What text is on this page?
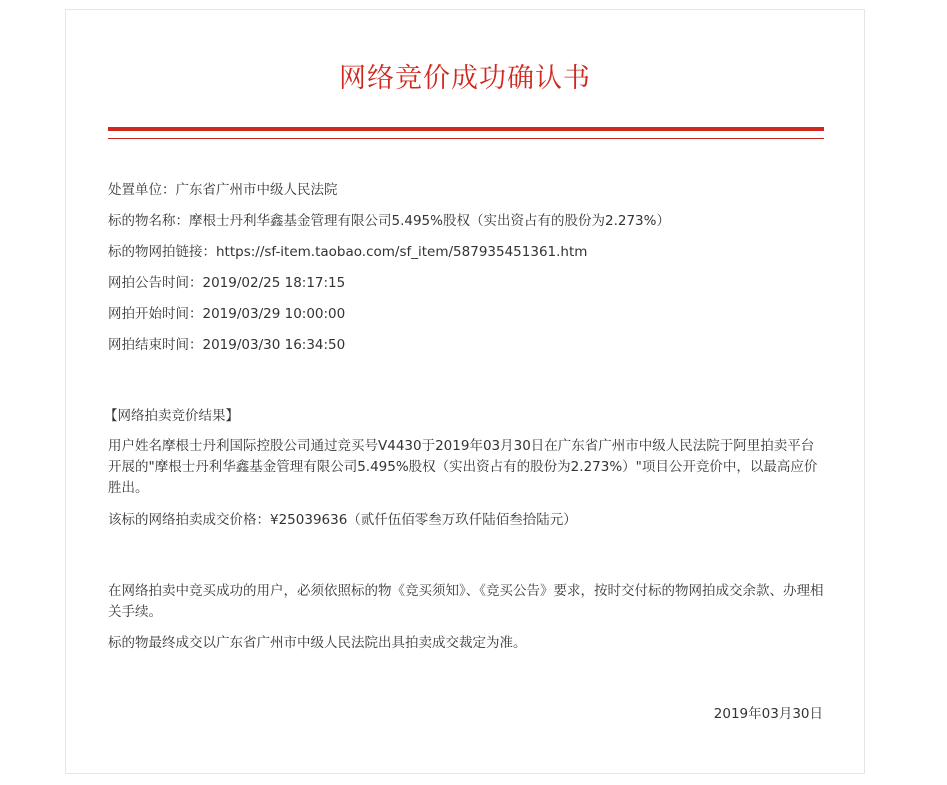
网络竞价成功确认书
处置单位：广东省广州市中级人民法院
标的物名称：摩根士丹利华鑫基金管理有限公司5.495%股权（实出资占有的股份为2.273%）
标的物网拍链接：https://sf-item.taobao.com/sf_item/587935451361.htm
网拍公告时间：2019/02/25 18:17:15
网拍开始时间：2019/03/29 10:00:00
网拍结束时间：2019/03/30 16:34:50
【网络拍卖竞价结果】
用户姓名摩根士丹利国际控股公司通过竞买号V4430于2019年03月30日在广东省广州市中级人民法院于阿里拍卖平台开展的"摩根士丹利华鑫基金管理有限公司5.495%股权（实出资占有的股份为2.273%）"项目公开竞价中，以最高应价胜出。
该标的网络拍卖成交价格：¥25039636（贰仟伍佰零叁万玖仟陆佰叁拾陆元）
在网络拍卖中竞买成功的用户，必须依照标的物《竞买须知》、《竞买公告》要求，按时交付标的物网拍成交余款、办理相关手续。
标的物最终成交以广东省广州市中级人民法院出具拍卖成交裁定为准。
2019年03月30日
